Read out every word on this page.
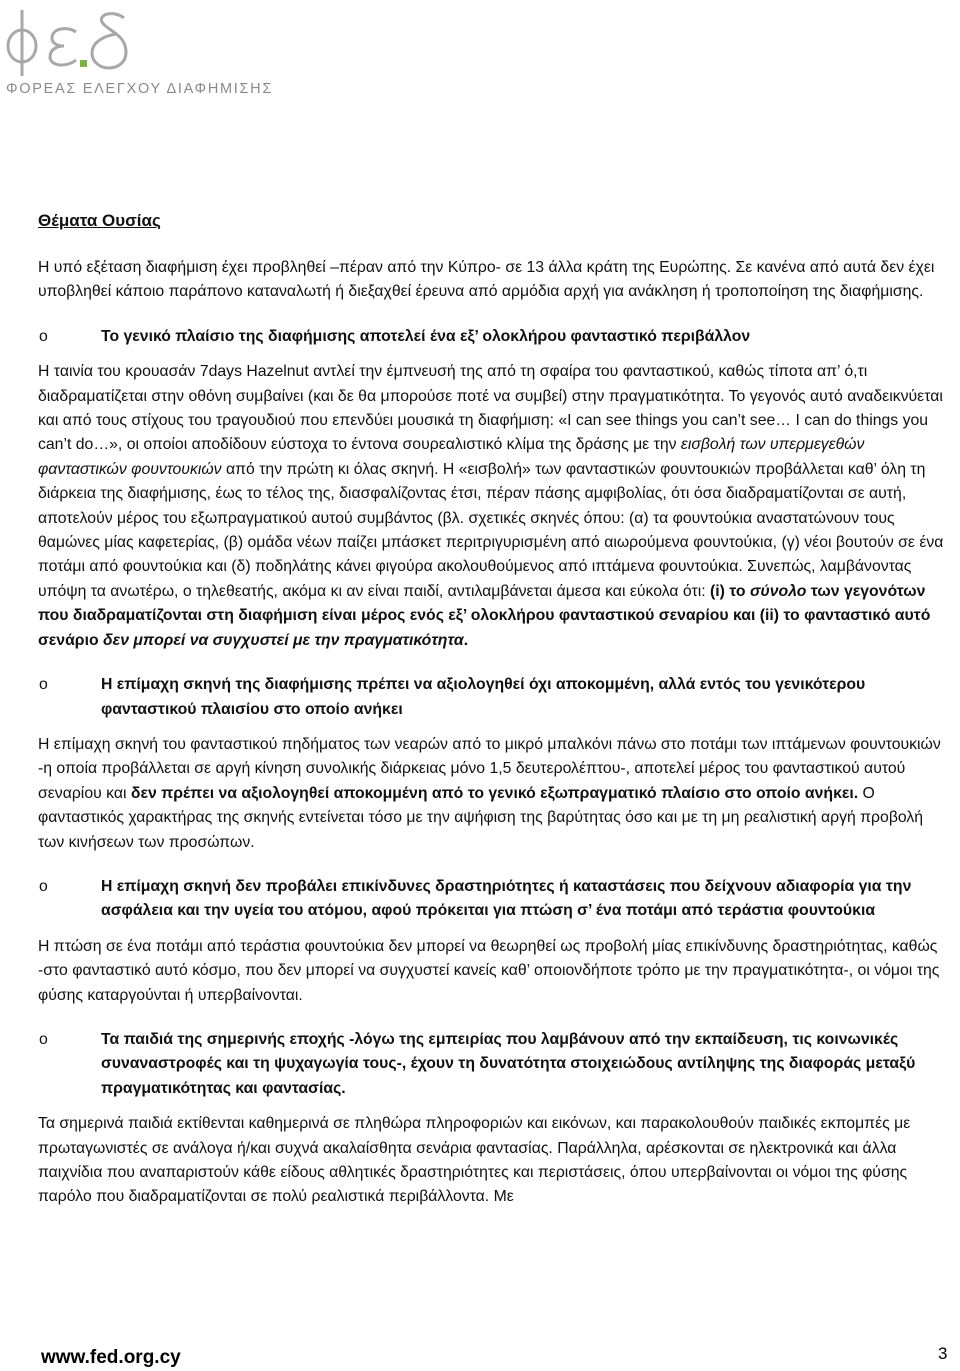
ΦΟΡΕΑΣ ΕΛΕΓΧΟΥ ΔΙΑΦΗΜΙΣΗΣ
Θέματα Ουσίας

Η υπό εξέταση διαφήμιση έχει προβληθεί –πέραν από την Κύπρο- σε 13 άλλα κράτη της Ευρώπης. Σε κανένα από αυτά δεν έχει υποβληθεί κάποιο παράπονο καταναλωτή ή διεξαχθεί έρευνα από αρμόδια αρχή για ανάκληση ή τροποποίηση της διαφήμισης.

o	Το γενικό πλαίσιο της διαφήμισης αποτελεί ένα εξ’ ολοκλήρου φανταστικό περιβάλλον

Η ταινία του κρουασάν 7days Hazelnut αντλεί την έμπνευσή της από τη σφαίρα του φανταστικού, καθώς τίποτα απ’ ό,τι διαδραματίζεται στην οθόνη συμβαίνει (και δε θα μπορούσε ποτέ να συμβεί) στην πραγματικότητα. Το γεγονός αυτό αναδεικνύεται και από τους στίχους του τραγουδιού που επενδύει μουσικά τη διαφήμιση: «I can see things you can’t see… I can do things you can’t do…», οι οποίοι αποδίδουν εύστοχα το έντονα σουρεαλιστικό κλίμα της δράσης με την εισβολή των υπερμεγεθών φανταστικών φουντουκιών από την πρώτη κι όλας σκηνή. Η «εισβολή» των φανταστικών φουντουκιών προβάλλεται καθ’ όλη τη διάρκεια της διαφήμισης, έως το τέλος της, διασφαλίζοντας έτσι, πέραν πάσης αμφιβολίας, ότι όσα διαδραματίζονται σε αυτή, αποτελούν μέρος του εξωπραγματικού αυτού συμβάντος (βλ. σχετικές σκηνές όπου: (α) τα φουντούκια αναστατώνουν τους θαμώνες μίας καφετερίας, (β) ομάδα νέων παίζει μπάσκετ περιτριγυρισμένη από αιωρούμενα φουντούκια, (γ) νέοι βουτούν σε ένα ποτάμι από φουντούκια και (δ) ποδηλάτης κάνει φιγούρα ακολουθούμενος από ιπτάμενα φουντούκια. Συνεπώς, λαμβάνοντας υπόψη τα ανωτέρω, ο τηλεθεατής, ακόμα κι αν είναι παιδί, αντιλαμβάνεται άμεσα και εύκολα ότι: (i) το σύνολο των γεγονότων που διαδραματίζονται στη διαφήμιση είναι μέρος ενός εξ’ ολοκλήρου φανταστικού σεναρίου και (ii) το φανταστικό αυτό σενάριο δεν μπορεί να συγχυστεί με την πραγματικότητα.

o	Η επίμαχη σκηνή της διαφήμισης πρέπει να αξιολογηθεί όχι αποκομμένη, αλλά εντός του γενικότερου φανταστικού πλαισίου στο οποίο ανήκει

Η επίμαχη σκηνή του φανταστικού πηδήματος των νεαρών από το μικρό μπαλκόνι πάνω στο ποτάμι των ιπτάμενων φουντουκιών -η οποία προβάλλεται σε αργή κίνηση συνολικής διάρκειας μόνο 1,5 δευτερολέπτου-, αποτελεί μέρος του φανταστικού αυτού σεναρίου και δεν πρέπει να αξιολογηθεί αποκομμένη από το γενικό εξωπραγματικό πλαίσιο στο οποίο ανήκει. Ο φανταστικός χαρακτήρας της σκηνής εντείνεται τόσο με την αψήφιση της βαρύτητας όσο και με τη μη ρεαλιστική αργή προβολή των κινήσεων των προσώπων.

o	Η επίμαχη σκηνή δεν προβάλει επικίνδυνες δραστηριότητες ή καταστάσεις που δείχνουν αδιαφορία για την ασφάλεια και την υγεία του ατόμου, αφού πρόκειται για πτώση σ’ ένα ποτάμι από τεράστια φουντούκια

Η πτώση σε ένα ποτάμι από τεράστια φουντούκια δεν μπορεί να θεωρηθεί ως προβολή μίας επικίνδυνης δραστηριότητας, καθώς -στο φανταστικό αυτό κόσμο, που δεν μπορεί να συγχυστεί κανείς καθ’ οποιονδήποτε τρόπο με την πραγματικότητα-, οι νόμοι της φύσης καταργούνται ή υπερβαίνονται.

o	Τα παιδιά της σημερινής εποχής -λόγω της εμπειρίας που λαμβάνουν από την εκπαίδευση, τις κοινωνικές συναναστροφές και τη ψυχαγωγία τους-, έχουν τη δυνατότητα στοιχειώδους αντίληψης της διαφοράς μεταξύ πραγματικότητας και φαντασίας.

Τα σημερινά παιδιά εκτίθενται καθημερινά σε πληθώρα πληροφοριών και εικόνων, και παρακολουθούν παιδικές εκπομπές με πρωταγωνιστές σε ανάλογα ή/και συχνά ακαλαίσθητα σενάρια φαντασίας. Παράλληλα, αρέσκονται σε ηλεκτρονικά και άλλα παιχνίδια που αναπαριστούν κάθε είδους αθλητικές δραστηριότητες και περιστάσεις, όπου υπερβαίνονται οι νόμοι της φύσης παρόλο που διαδραματίζονται σε πολύ ρεαλιστικά περιβάλλοντα. Με

www.fed.org.cy	3
